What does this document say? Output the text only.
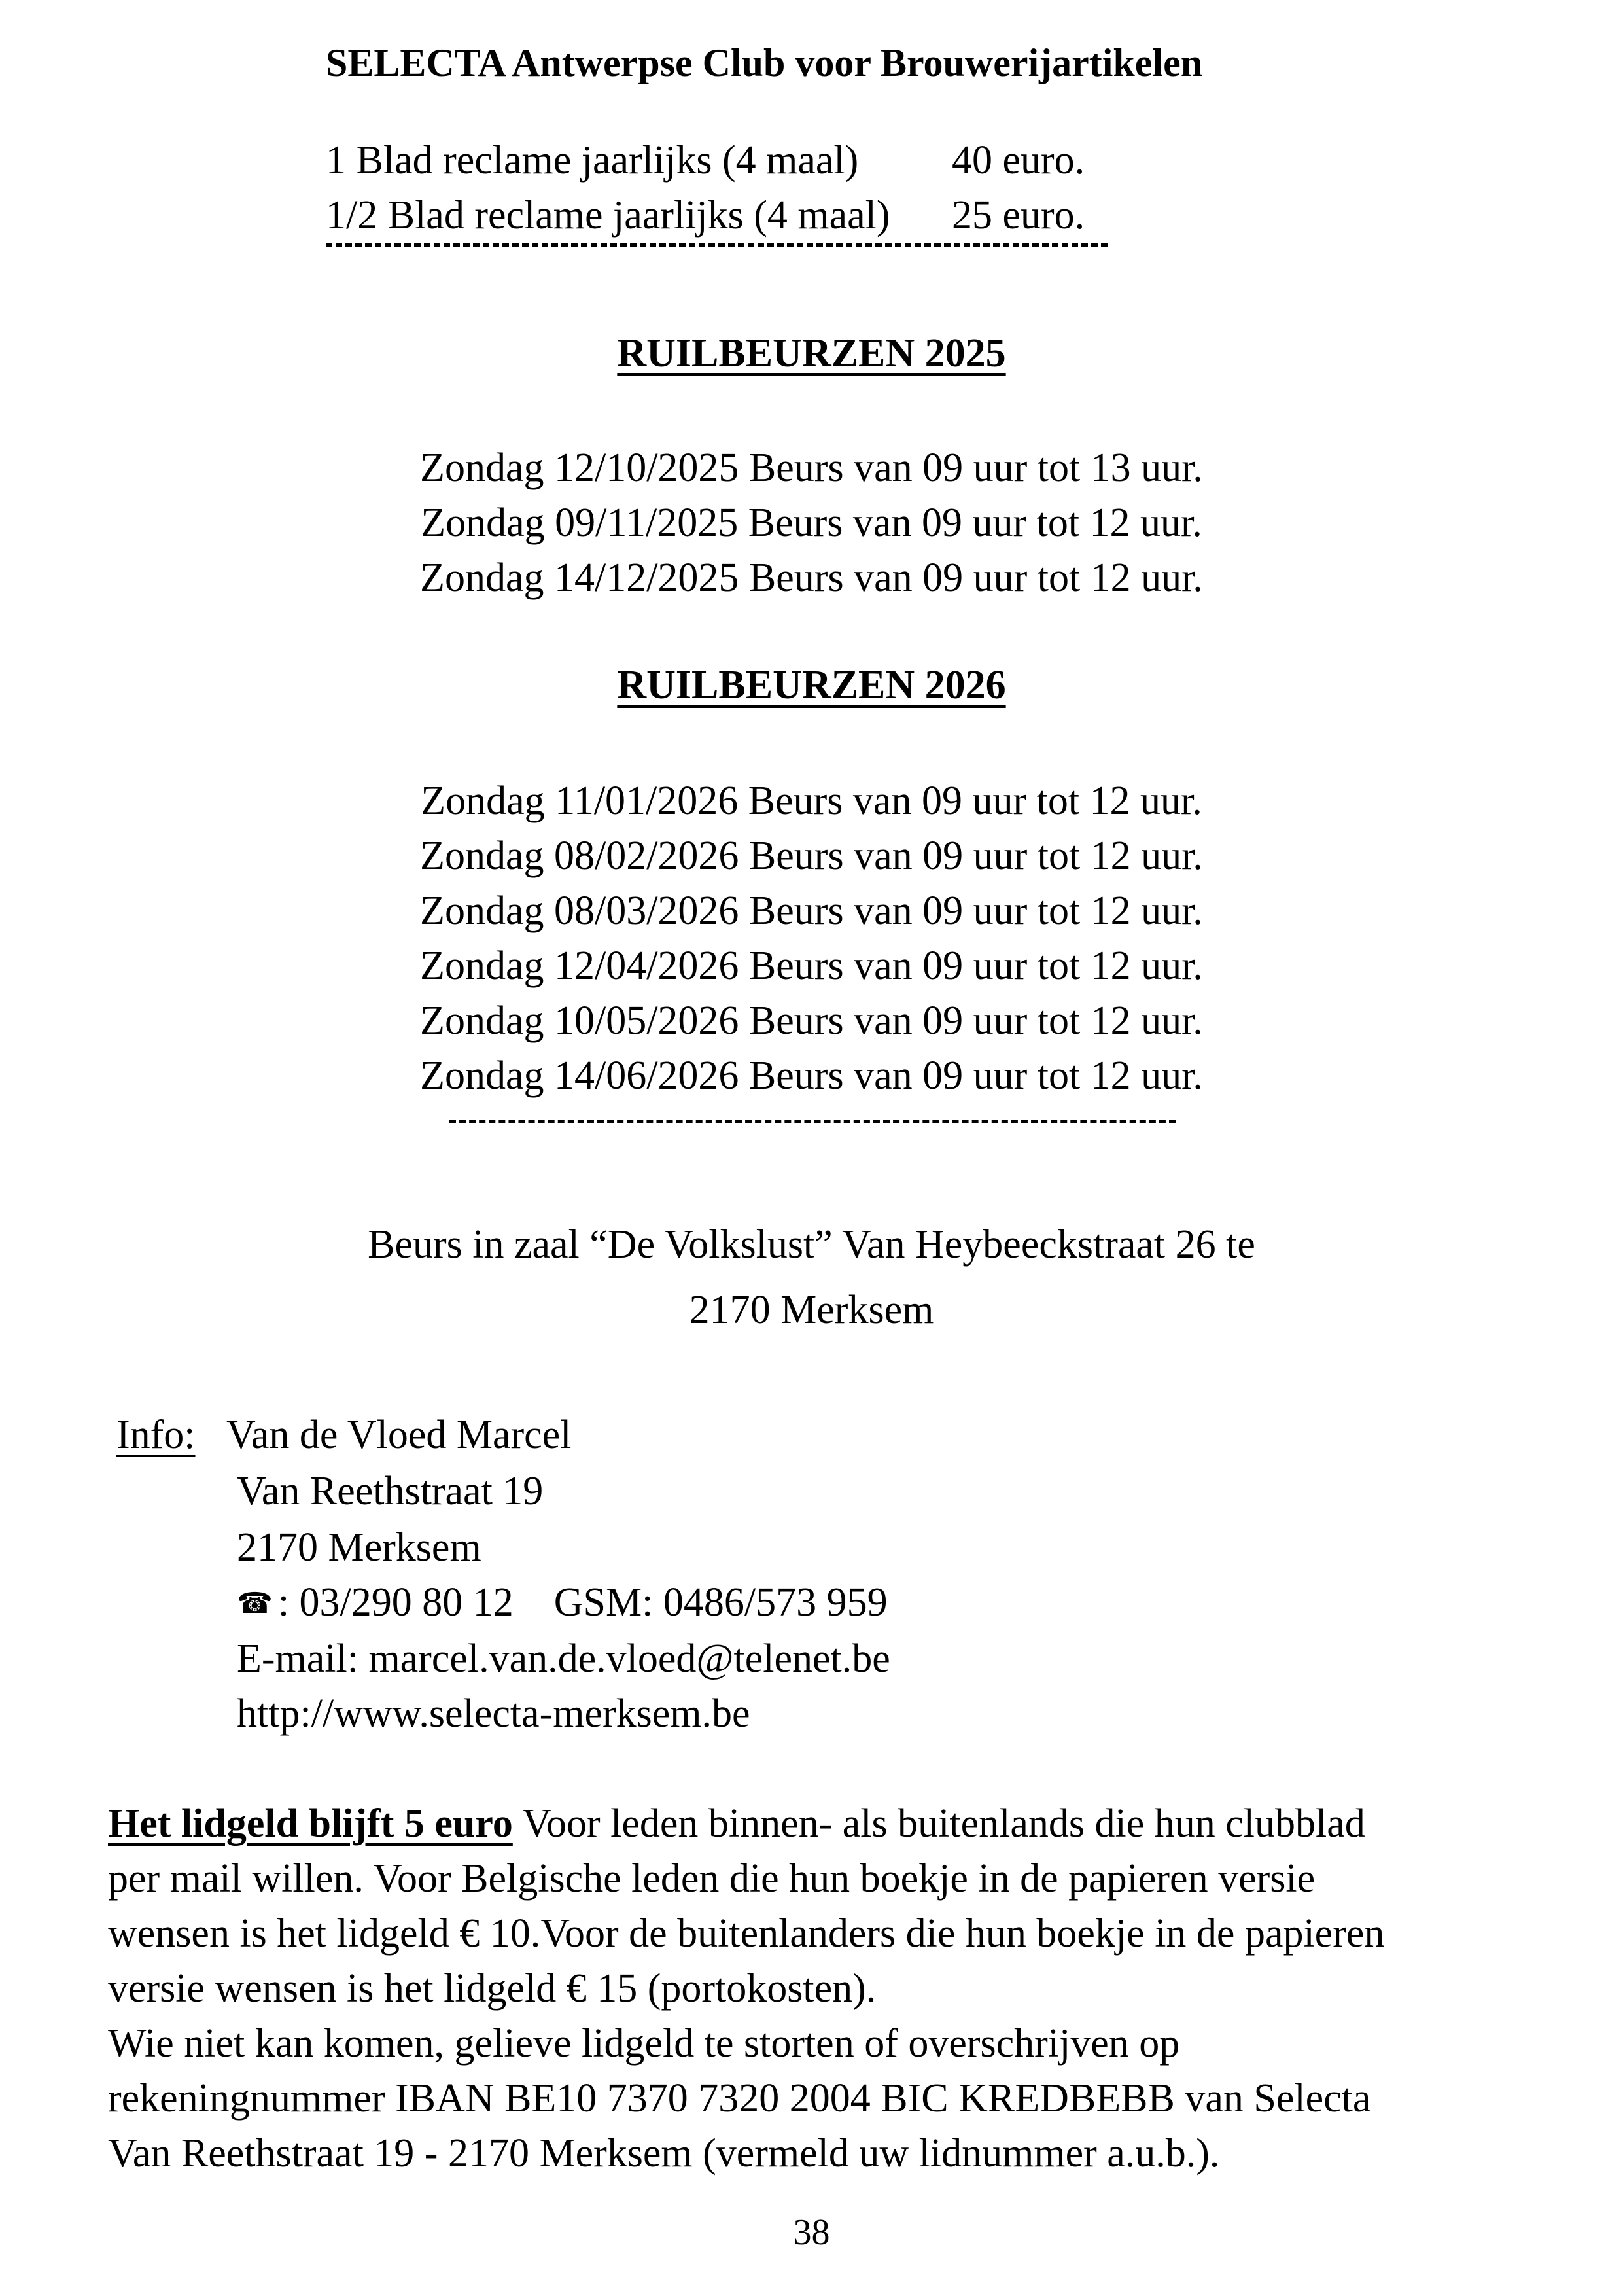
SELECTA Antwerpse Club voor Brouwerijartikelen
1 Blad reclame jaarlijks (4 maal) 40 euro.
1/2 Blad reclame jaarlijks (4 maal) 25 euro.
RUILBEURZEN 2025
Zondag 12/10/2025 Beurs van 09 uur tot 13 uur.
Zondag 09/11/2025 Beurs van 09 uur tot 12 uur.
Zondag 14/12/2025 Beurs van 09 uur tot 12 uur.
RUILBEURZEN 2026
Zondag 11/01/2026 Beurs van 09 uur tot 12 uur.
Zondag 08/02/2026 Beurs van 09 uur tot 12 uur.
Zondag 08/03/2026 Beurs van 09 uur tot 12 uur.
Zondag 12/04/2026 Beurs van 09 uur tot 12 uur.
Zondag 10/05/2026 Beurs van 09 uur tot 12 uur.
Zondag 14/06/2026 Beurs van 09 uur tot 12 uur.
Beurs in zaal “De Volkslust” Van Heybeeckstraat 26 te
2170 Merksem
Info: Van de Vloed Marcel
Van Reethstraat 19
2170 Merksem
☎ : 03/290 80 12    GSM: 0486/573 959
E-mail: marcel.van.de.vloed@telenet.be
http://www.selecta-merksem.be
Het lidgeld blijft 5 euro Voor leden binnen- als buitenlands die hun clubblad
per mail willen. Voor Belgische leden die hun boekje in de papieren versie
wensen is het lidgeld € 10.Voor de buitenlanders die hun boekje in de papieren
versie wensen is het lidgeld € 15 (portokosten).
Wie niet kan komen, gelieve lidgeld te storten of overschrijven op
rekeningnummer IBAN BE10 7370 7320 2004 BIC KREDBEBB van Selecta
Van Reethstraat 19 - 2170 Merksem (vermeld uw lidnummer a.u.b.).
38
